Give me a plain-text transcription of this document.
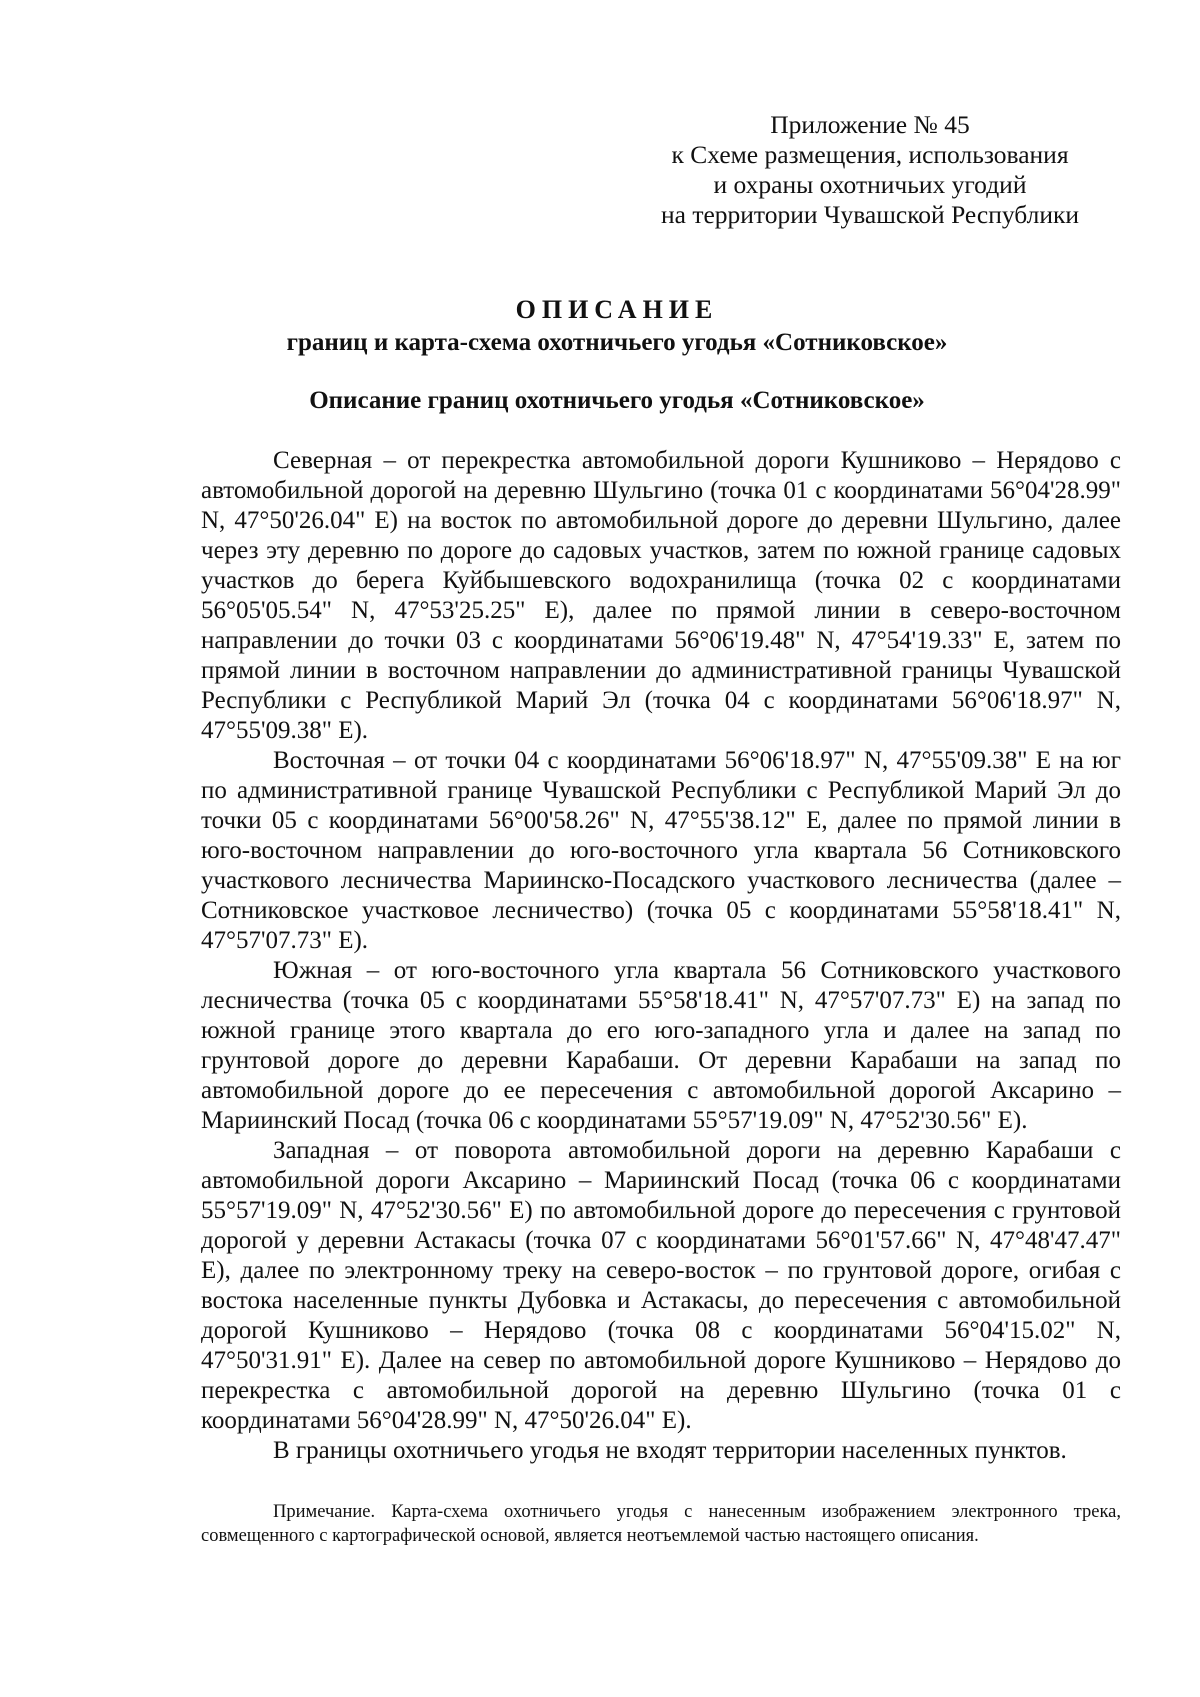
Приложение № 45
к Схеме размещения, использования
и охраны охотничьих угодий
на территории Чувашской Республики
ОПИСАНИЕ
границ и карта-схема охотничьего угодья «Сотниковское»
Описание границ охотничьего угодья «Сотниковское»

Северная – от перекрестка автомобильной дороги Кушниково – Нерядово с автомобильной дорогой на деревню Шульгино (точка 01 с координатами 56°04'28.99" N, 47°50'26.04" E) на восток по автомобильной дороге до деревни Шульгино, далее через эту деревню по дороге до садовых участков, затем по южной границе садовых участков до берега Куйбышевского водохранилища (точка 02 с координатами 56°05'05.54" N, 47°53'25.25" E), далее по прямой линии в северо-восточном направлении до точки 03 с координатами 56°06'19.48" N, 47°54'19.33" E, затем по прямой линии в восточном направлении до административной границы Чувашской Республики с Республикой Марий Эл (точка 04 с координатами 56°06'18.97" N, 47°55'09.38" E).

Восточная – от точки 04 с координатами 56°06'18.97" N, 47°55'09.38" E на юг по административной границе Чувашской Республики с Республикой Марий Эл до точки 05 с координатами 56°00'58.26" N, 47°55'38.12" E, далее по прямой линии в юго-восточном направлении до юго-восточного угла квартала 56 Сотниковского участкового лесничества Мариинско-Посадского участкового лесничества (далее – Сотниковское участковое лесничество) (точка 05 с координатами 55°58'18.41" N, 47°57'07.73" E).

Южная – от юго-восточного угла квартала 56 Сотниковского участкового лесничества (точка 05 с координатами 55°58'18.41" N, 47°57'07.73" E) на запад по южной границе этого квартала до его юго-западного угла и далее на запад по грунтовой дороге до деревни Карабаши. От деревни Карабаши на запад по автомобильной дороге до ее пересечения с автомобильной дорогой Аксарино – Мариинский Посад (точка 06 с координатами 55°57'19.09" N, 47°52'30.56" E).

Западная – от поворота автомобильной дороги на деревню Карабаши с автомобильной дороги Аксарино – Мариинский Посад (точка 06 с координатами 55°57'19.09" N, 47°52'30.56" E) по автомобильной дороге до пересечения с грунтовой дорогой у деревни Астакасы (точка 07 с координатами 56°01'57.66" N, 47°48'47.47" E), далее по электронному треку на северо-восток – по грунтовой дороге, огибая с востока населенные пункты Дубовка и Астакасы, до пересечения с автомобильной дорогой Кушниково – Нерядово (точка 08 с координатами 56°04'15.02" N, 47°50'31.91" E). Далее на север по автомобильной дороге Кушниково – Нерядово до перекрестка с автомобильной дорогой на деревню Шульгино (точка 01 с координатами 56°04'28.99" N, 47°50'26.04" E).

В границы охотничьего угодья не входят территории населенных пунктов.

Примечание. Карта-схема охотничьего угодья с нанесенным изображением электронного трека, совмещенного с картографической основой, является неотъемлемой частью настоящего описания.
